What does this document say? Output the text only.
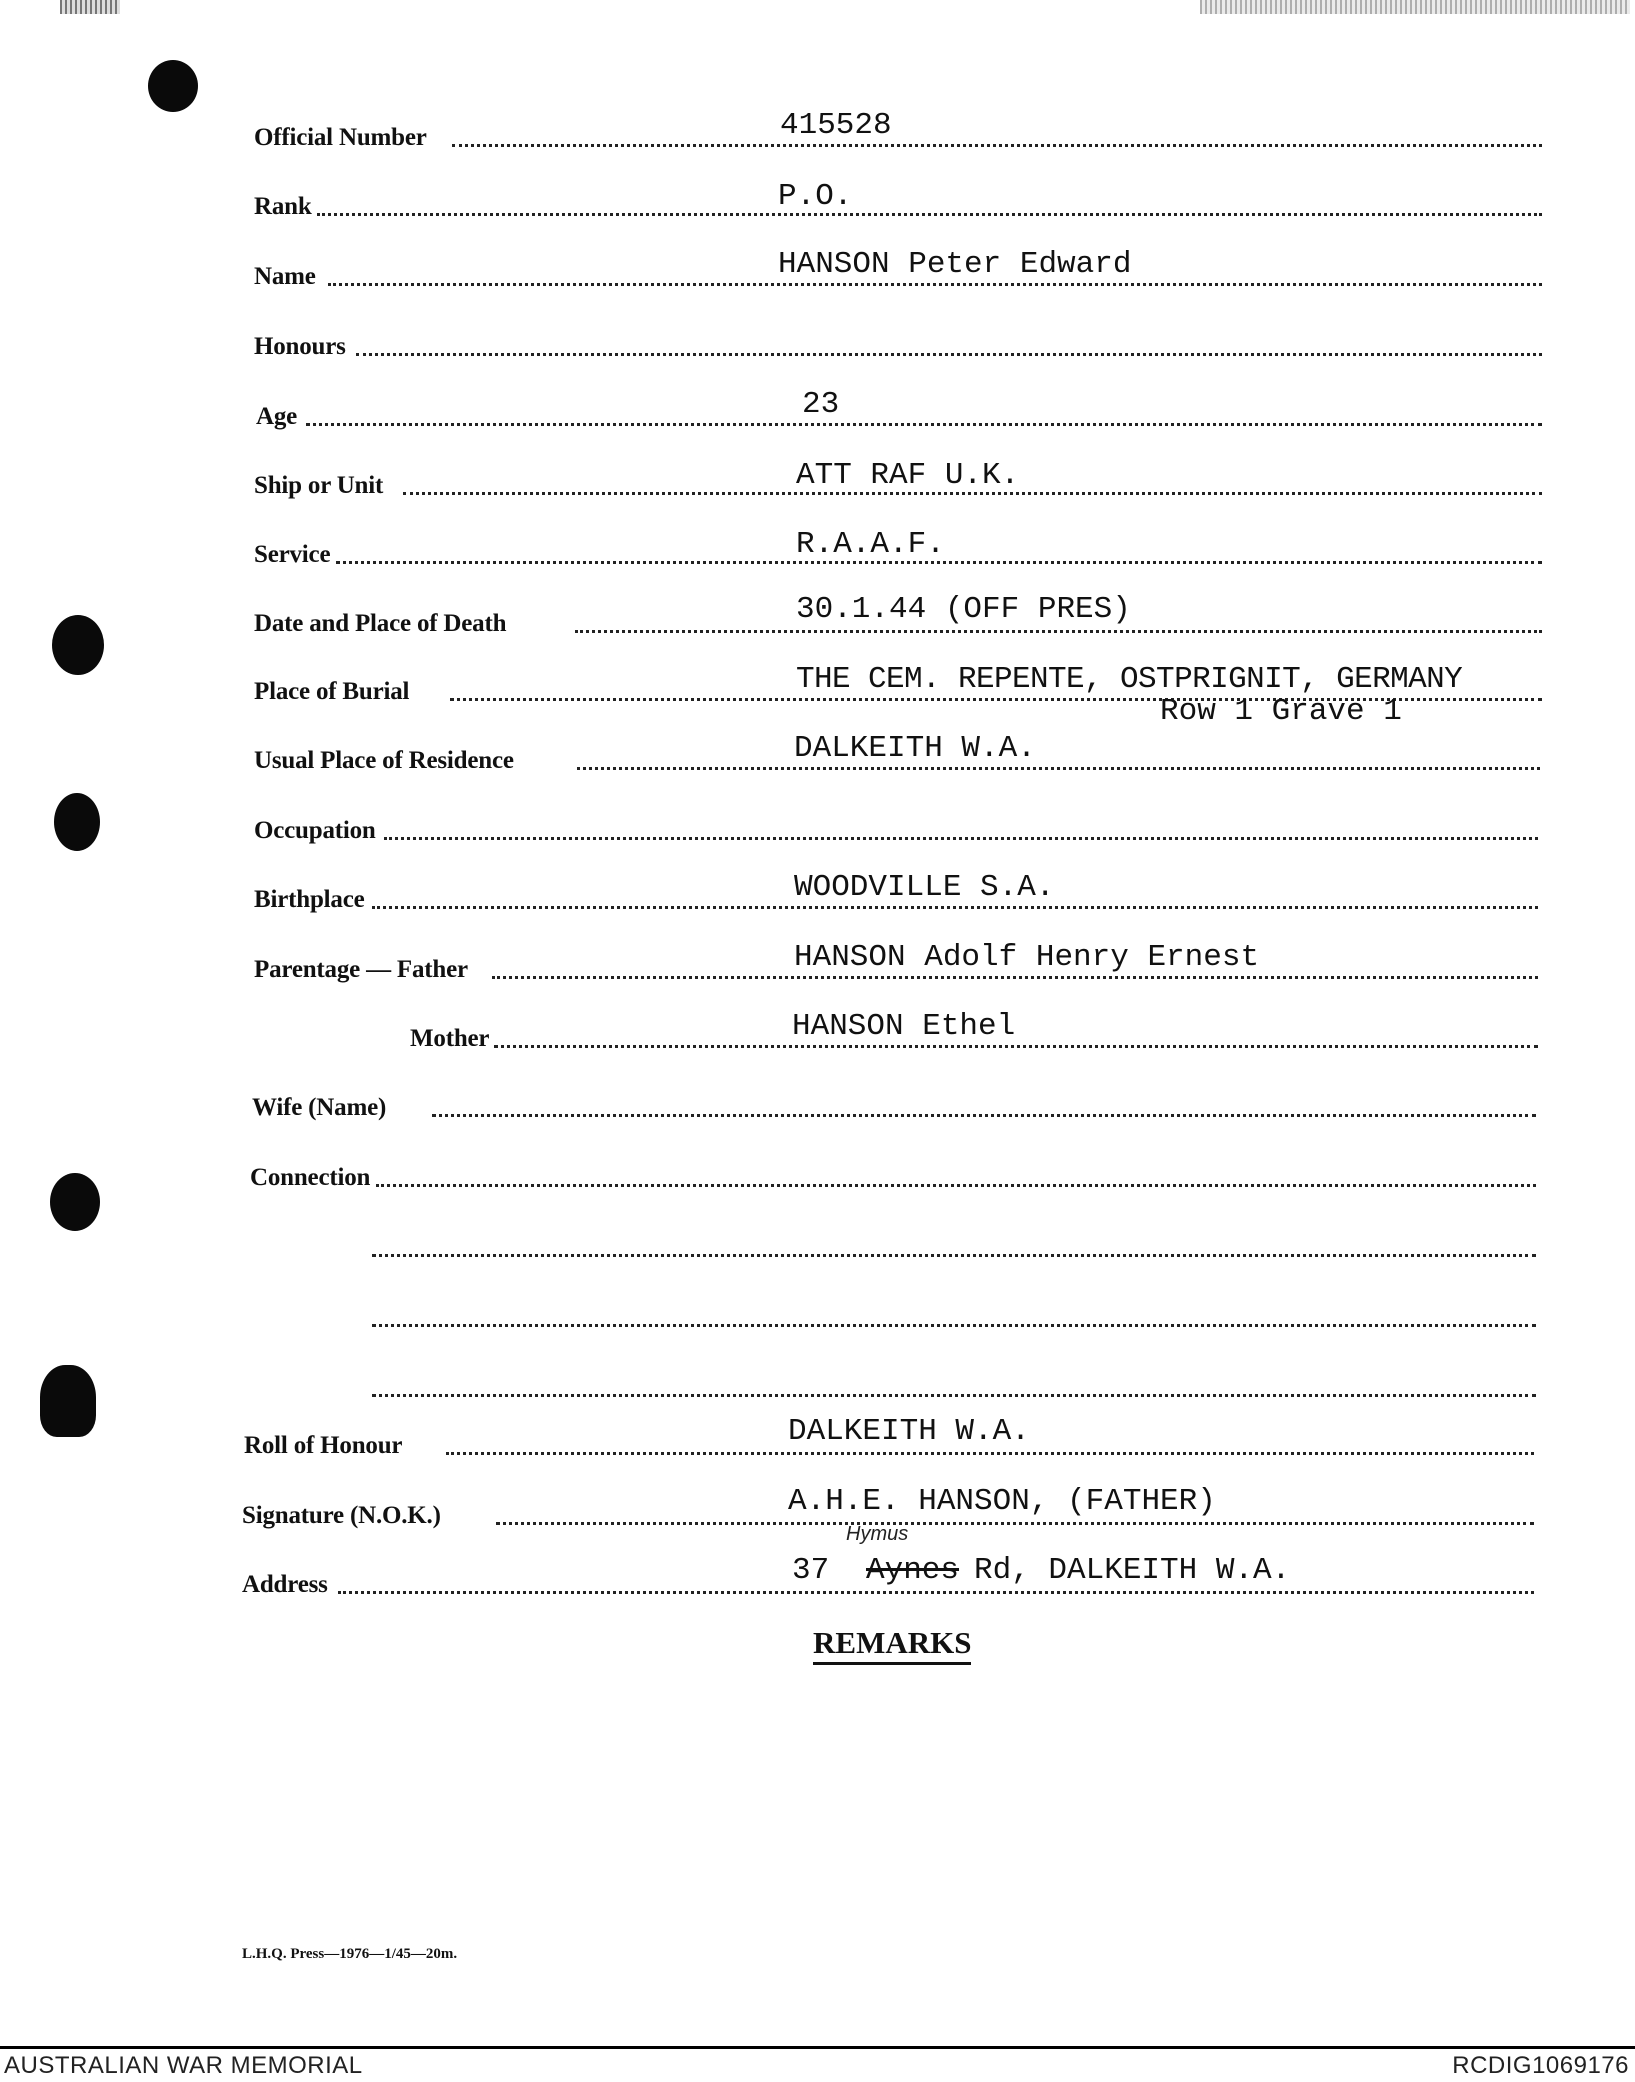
Official Number	415528
Rank	P.O.
Name	HANSON Peter Edward
Honours
Age	23
Ship or Unit	ATT RAF U.K.
Service	R.A.A.F.
Date and Place of Death	30.1.44 (OFF PRES)
Place of Burial	THE CEM. REPENTE, OSTPRIGNIT, GERMANY
Row 1 Grave 1
Usual Place of Residence	DALKEITH W.A.
Occupation
Birthplace	WOODVILLE S.A.
Parentage — Father	HANSON Adolf Henry Ernest
Mother	HANSON Ethel
Wife (Name)
Connection
Roll of Honour	DALKEITH W.A.
Signature (N.O.K.)	A.H.E. HANSON, (FATHER)
Address	37 Aynes
Hymus
Rd, DALKEITH W.A.
REMARKS
L.H.Q. Press—1976—1/45—20m.
AUSTRALIAN WAR MEMORIAL	RCDIG1069176
